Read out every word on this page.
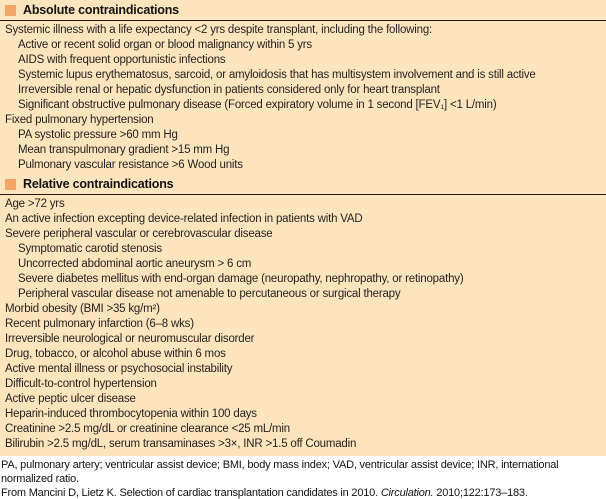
Absolute contraindications
Systemic illness with a life expectancy <2 yrs despite transplant, including the following:
Active or recent solid organ or blood malignancy within 5 yrs
AIDS with frequent opportunistic infections
Systemic lupus erythematosus, sarcoid, or amyloidosis that has multisystem involvement and is still active
Irreversible renal or hepatic dysfunction in patients considered only for heart transplant
Significant obstructive pulmonary disease (Forced expiratory volume in 1 second [FEV₁] <1 L/min)
Fixed pulmonary hypertension
PA systolic pressure >60 mm Hg
Mean transpulmonary gradient >15 mm Hg
Pulmonary vascular resistance >6 Wood units
Relative contraindications
Age >72 yrs
An active infection excepting device-related infection in patients with VAD
Severe peripheral vascular or cerebrovascular disease
Symptomatic carotid stenosis
Uncorrected abdominal aortic aneurysm > 6 cm
Severe diabetes mellitus with end-organ damage (neuropathy, nephropathy, or retinopathy)
Peripheral vascular disease not amenable to percutaneous or surgical therapy
Morbid obesity (BMI >35 kg/m²)
Recent pulmonary infarction (6–8 wks)
Irreversible neurological or neuromuscular disorder
Drug, tobacco, or alcohol abuse within 6 mos
Active mental illness or psychosocial instability
Difficult-to-control hypertension
Active peptic ulcer disease
Heparin-induced thrombocytopenia within 100 days
Creatinine >2.5 mg/dL or creatinine clearance <25 mL/min
Bilirubin >2.5 mg/dL, serum transaminases >3×, INR >1.5 off Coumadin
PA, pulmonary artery; ventricular assist device; BMI, body mass index; VAD, ventricular assist device; INR, international normalized ratio.
From Mancini D, Lietz K. Selection of cardiac transplantation candidates in 2010. Circulation. 2010;122:173–183.
